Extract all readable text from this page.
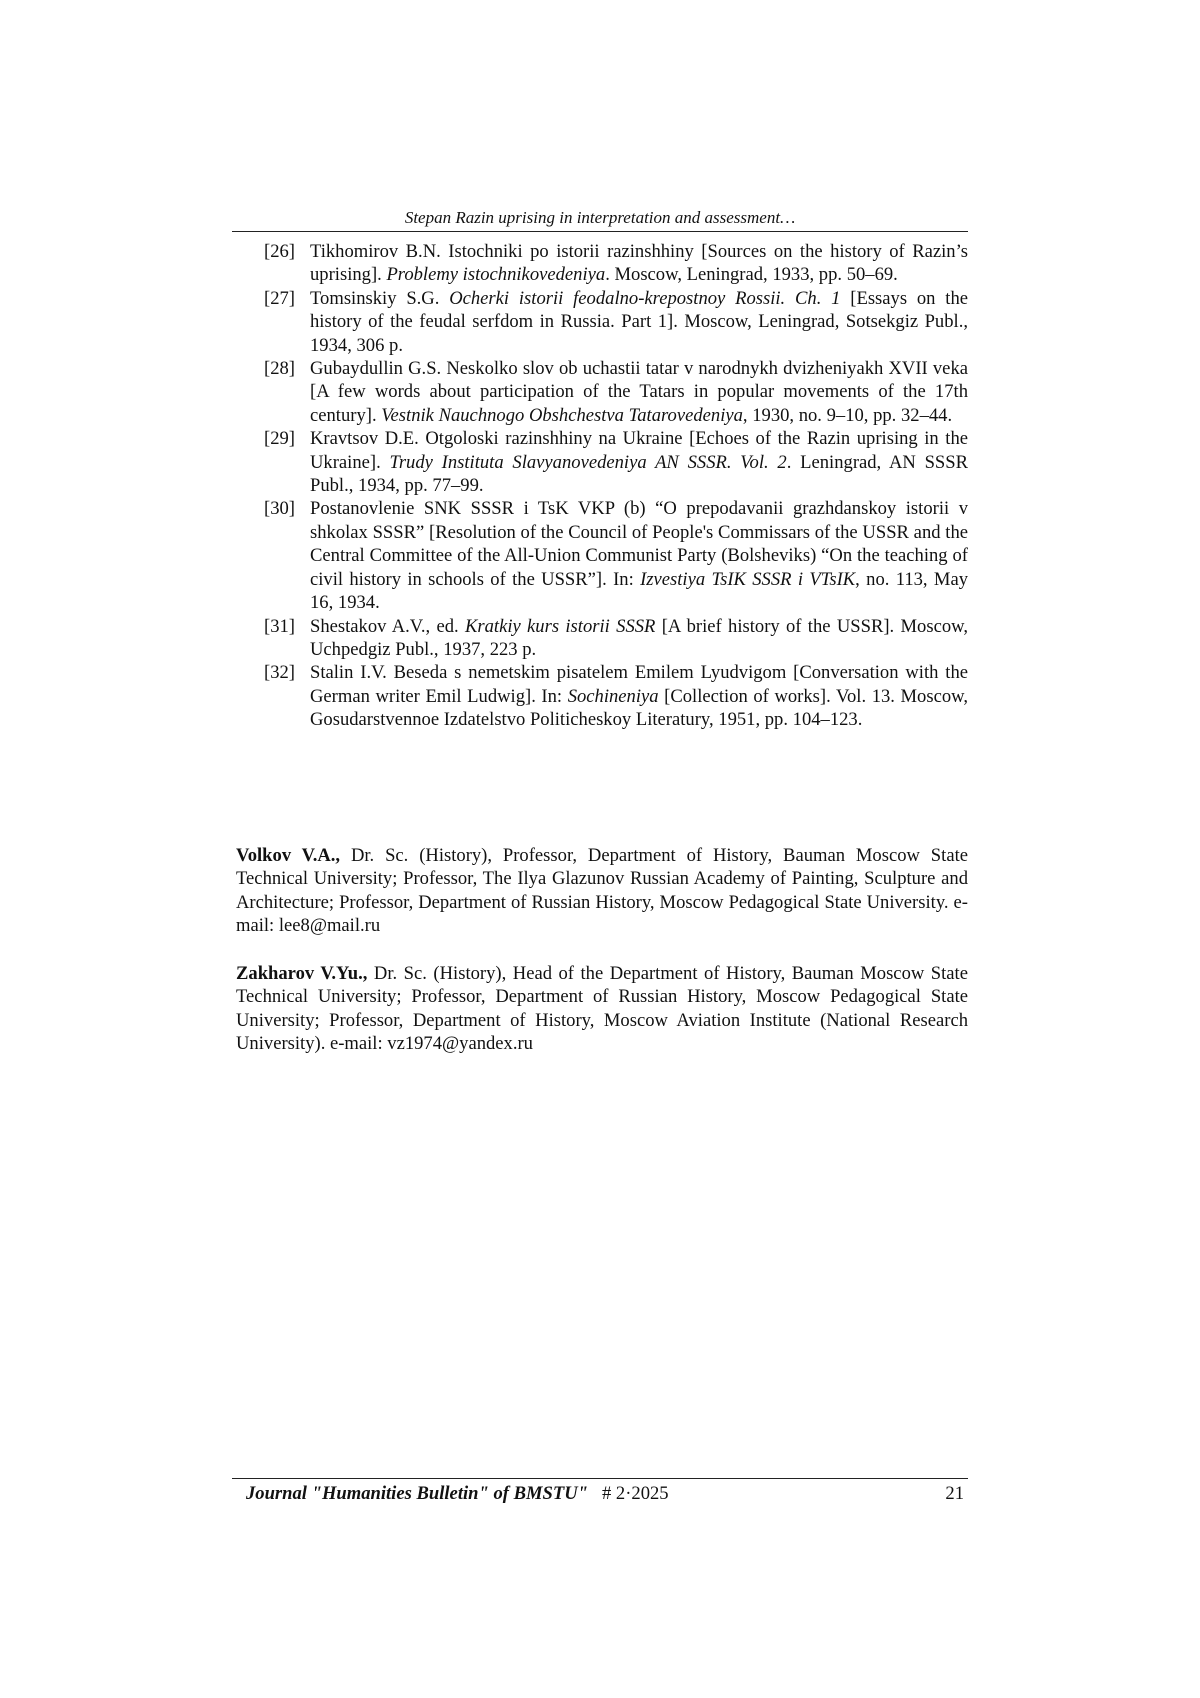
Stepan Razin uprising in interpretation and assessment…
[26] Tikhomirov B.N. Istochniki po istorii razinshhiny [Sources on the history of Razin’s uprising]. Problemy istochnikovedeniya. Moscow, Leningrad, 1933, pp. 50–69.
[27] Tomsinskiy S.G. Ocherki istorii feodalno-krepostnoy Rossii. Ch. 1 [Essays on the history of the feudal serfdom in Russia. Part 1]. Moscow, Leningrad, Sotsekgiz Publ., 1934, 306 p.
[28] Gubaydullin G.S. Neskolko slov ob uchastii tatar v narodnykh dvizheniyakh XVII veka [A few words about participation of the Tatars in popular movements of the 17th century]. Vestnik Nauchnogo Obshchestva Tatarovedeniya, 1930, no. 9–10, pp. 32–44.
[29] Kravtsov D.E. Otgoloski razinshhiny na Ukraine [Echoes of the Razin uprising in the Ukraine]. Trudy Instituta Slavyanovedeniya AN SSSR. Vol. 2. Leningrad, AN SSSR Publ., 1934, pp. 77–99.
[30] Postanovlenie SNK SSSR i TsK VKP (b) “O prepodavanii grazhdanskoy istorii v shkolax SSSR” [Resolution of the Council of People's Commissars of the USSR and the Central Committee of the All-Union Communist Party (Bolsheviks) “On the teaching of civil history in schools of the USSR”]. In: Izvestiya TsIK SSSR i VTsIK, no. 113, May 16, 1934.
[31] Shestakov A.V., ed. Kratkiy kurs istorii SSSR [A brief history of the USSR]. Moscow, Uchpedgiz Publ., 1937, 223 p.
[32] Stalin I.V. Beseda s nemetskim pisatelem Emilem Lyudvigom [Conversation with the German writer Emil Ludwig]. In: Sochineniya [Collection of works]. Vol. 13. Moscow, Gosudarstvennoe Izdatelstvo Politicheskoy Literatury, 1951, pp. 104–123.
Volkov V.A., Dr. Sc. (History), Professor, Department of History, Bauman Moscow State Technical University; Professor, The Ilya Glazunov Russian Academy of Painting, Sculpture and Architecture; Professor, Department of Russian History, Moscow Pedagogical State University. e-mail: lee8@mail.ru
Zakharov V.Yu., Dr. Sc. (History), Head of the Department of History, Bauman Moscow State Technical University; Professor, Department of Russian History, Moscow Pedagogical State University; Professor, Department of History, Moscow Aviation Institute (National Research University). e-mail: vz1974@yandex.ru
Journal "Humanities Bulletin" of BMSTU" # 2·2025	21
